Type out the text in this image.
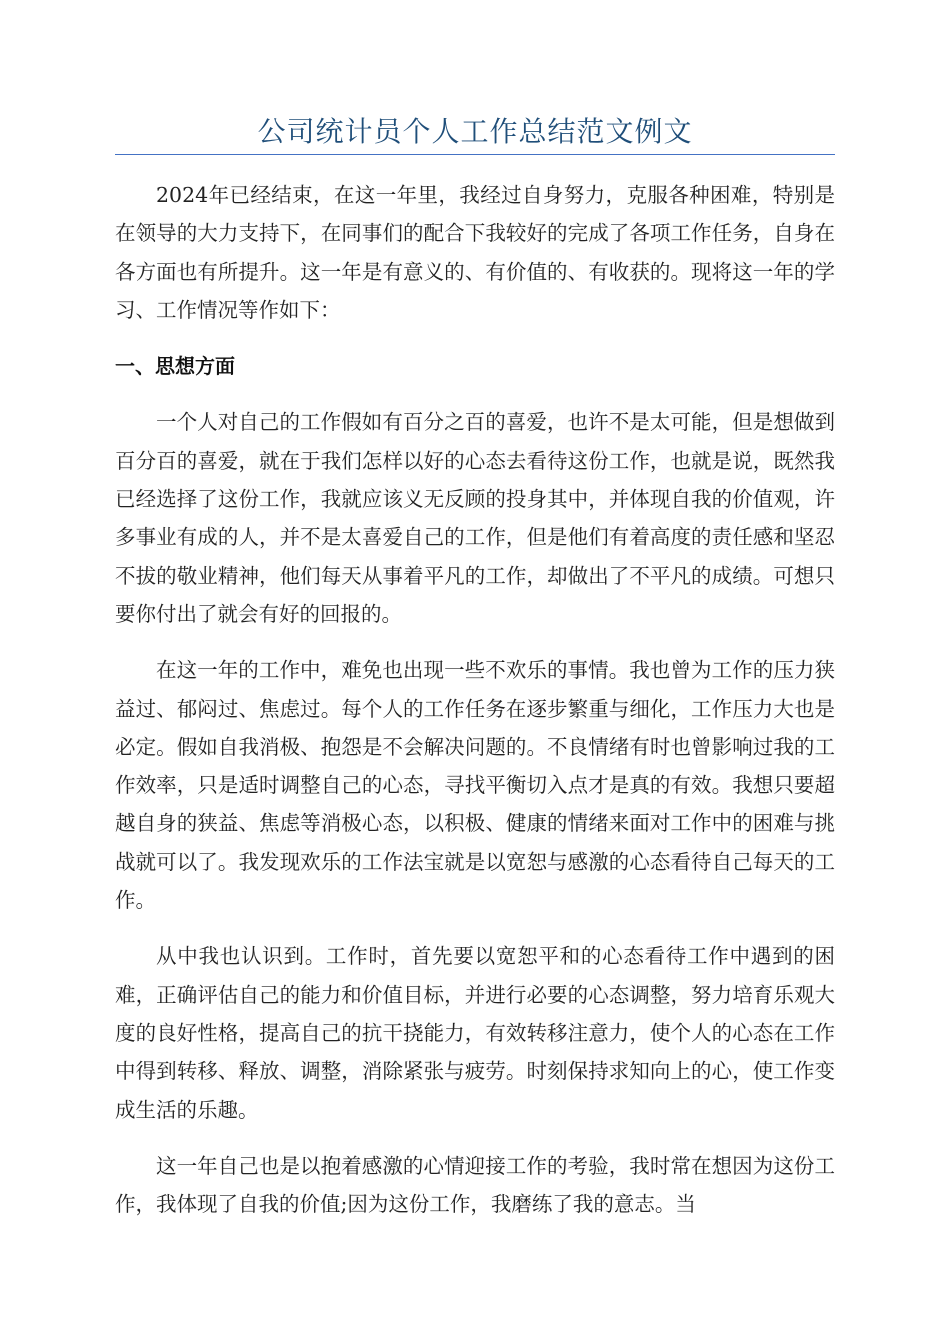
公司统计员个人工作总结范文例文

2024年已经结束，在这一年里，我经过自身努力，克服各种困难，特别是在领导的大力支持下，在同事们的配合下我较好的完成了各项工作任务，自身在各方面也有所提升。这一年是有意义的、有价值的、有收获的。现将这一年的学习、工作情况等作如下：

一、思想方面

一个人对自己的工作假如有百分之百的喜爱，也许不是太可能，但是想做到百分百的喜爱，就在于我们怎样以好的心态去看待这份工作，也就是说，既然我已经选择了这份工作，我就应该义无反顾的投身其中，并体现自我的价值观，许多事业有成的人，并不是太喜爱自己的工作，但是他们有着高度的责任感和坚忍不拔的敬业精神，他们每天从事着平凡的工作，却做出了不平凡的成绩。可想只要你付出了就会有好的回报的。

在这一年的工作中，难免也出现一些不欢乐的事情。我也曾为工作的压力狭益过、郁闷过、焦虑过。每个人的工作任务在逐步繁重与细化，工作压力大也是必定。假如自我消极、抱怨是不会解决问题的。不良情绪有时也曾影响过我的工作效率，只是适时调整自己的心态，寻找平衡切入点才是真的有效。我想只要超越自身的狭益、焦虑等消极心态，以积极、健康的情绪来面对工作中的困难与挑战就可以了。我发现欢乐的工作法宝就是以宽恕与感激的心态看待自己每天的工作。

从中我也认识到。工作时，首先要以宽恕平和的心态看待工作中遇到的困难，正确评估自己的能力和价值目标，并进行必要的心态调整，努力培育乐观大度的良好性格，提高自己的抗干挠能力，有效转移注意力，使个人的心态在工作中得到转移、释放、调整，消除紧张与疲劳。时刻保持求知向上的心，使工作变成生活的乐趣。

这一年自己也是以抱着感激的心情迎接工作的考验，我时常在想因为这份工作，我体现了自我的价值;因为这份工作，我磨练了我的意志。当
